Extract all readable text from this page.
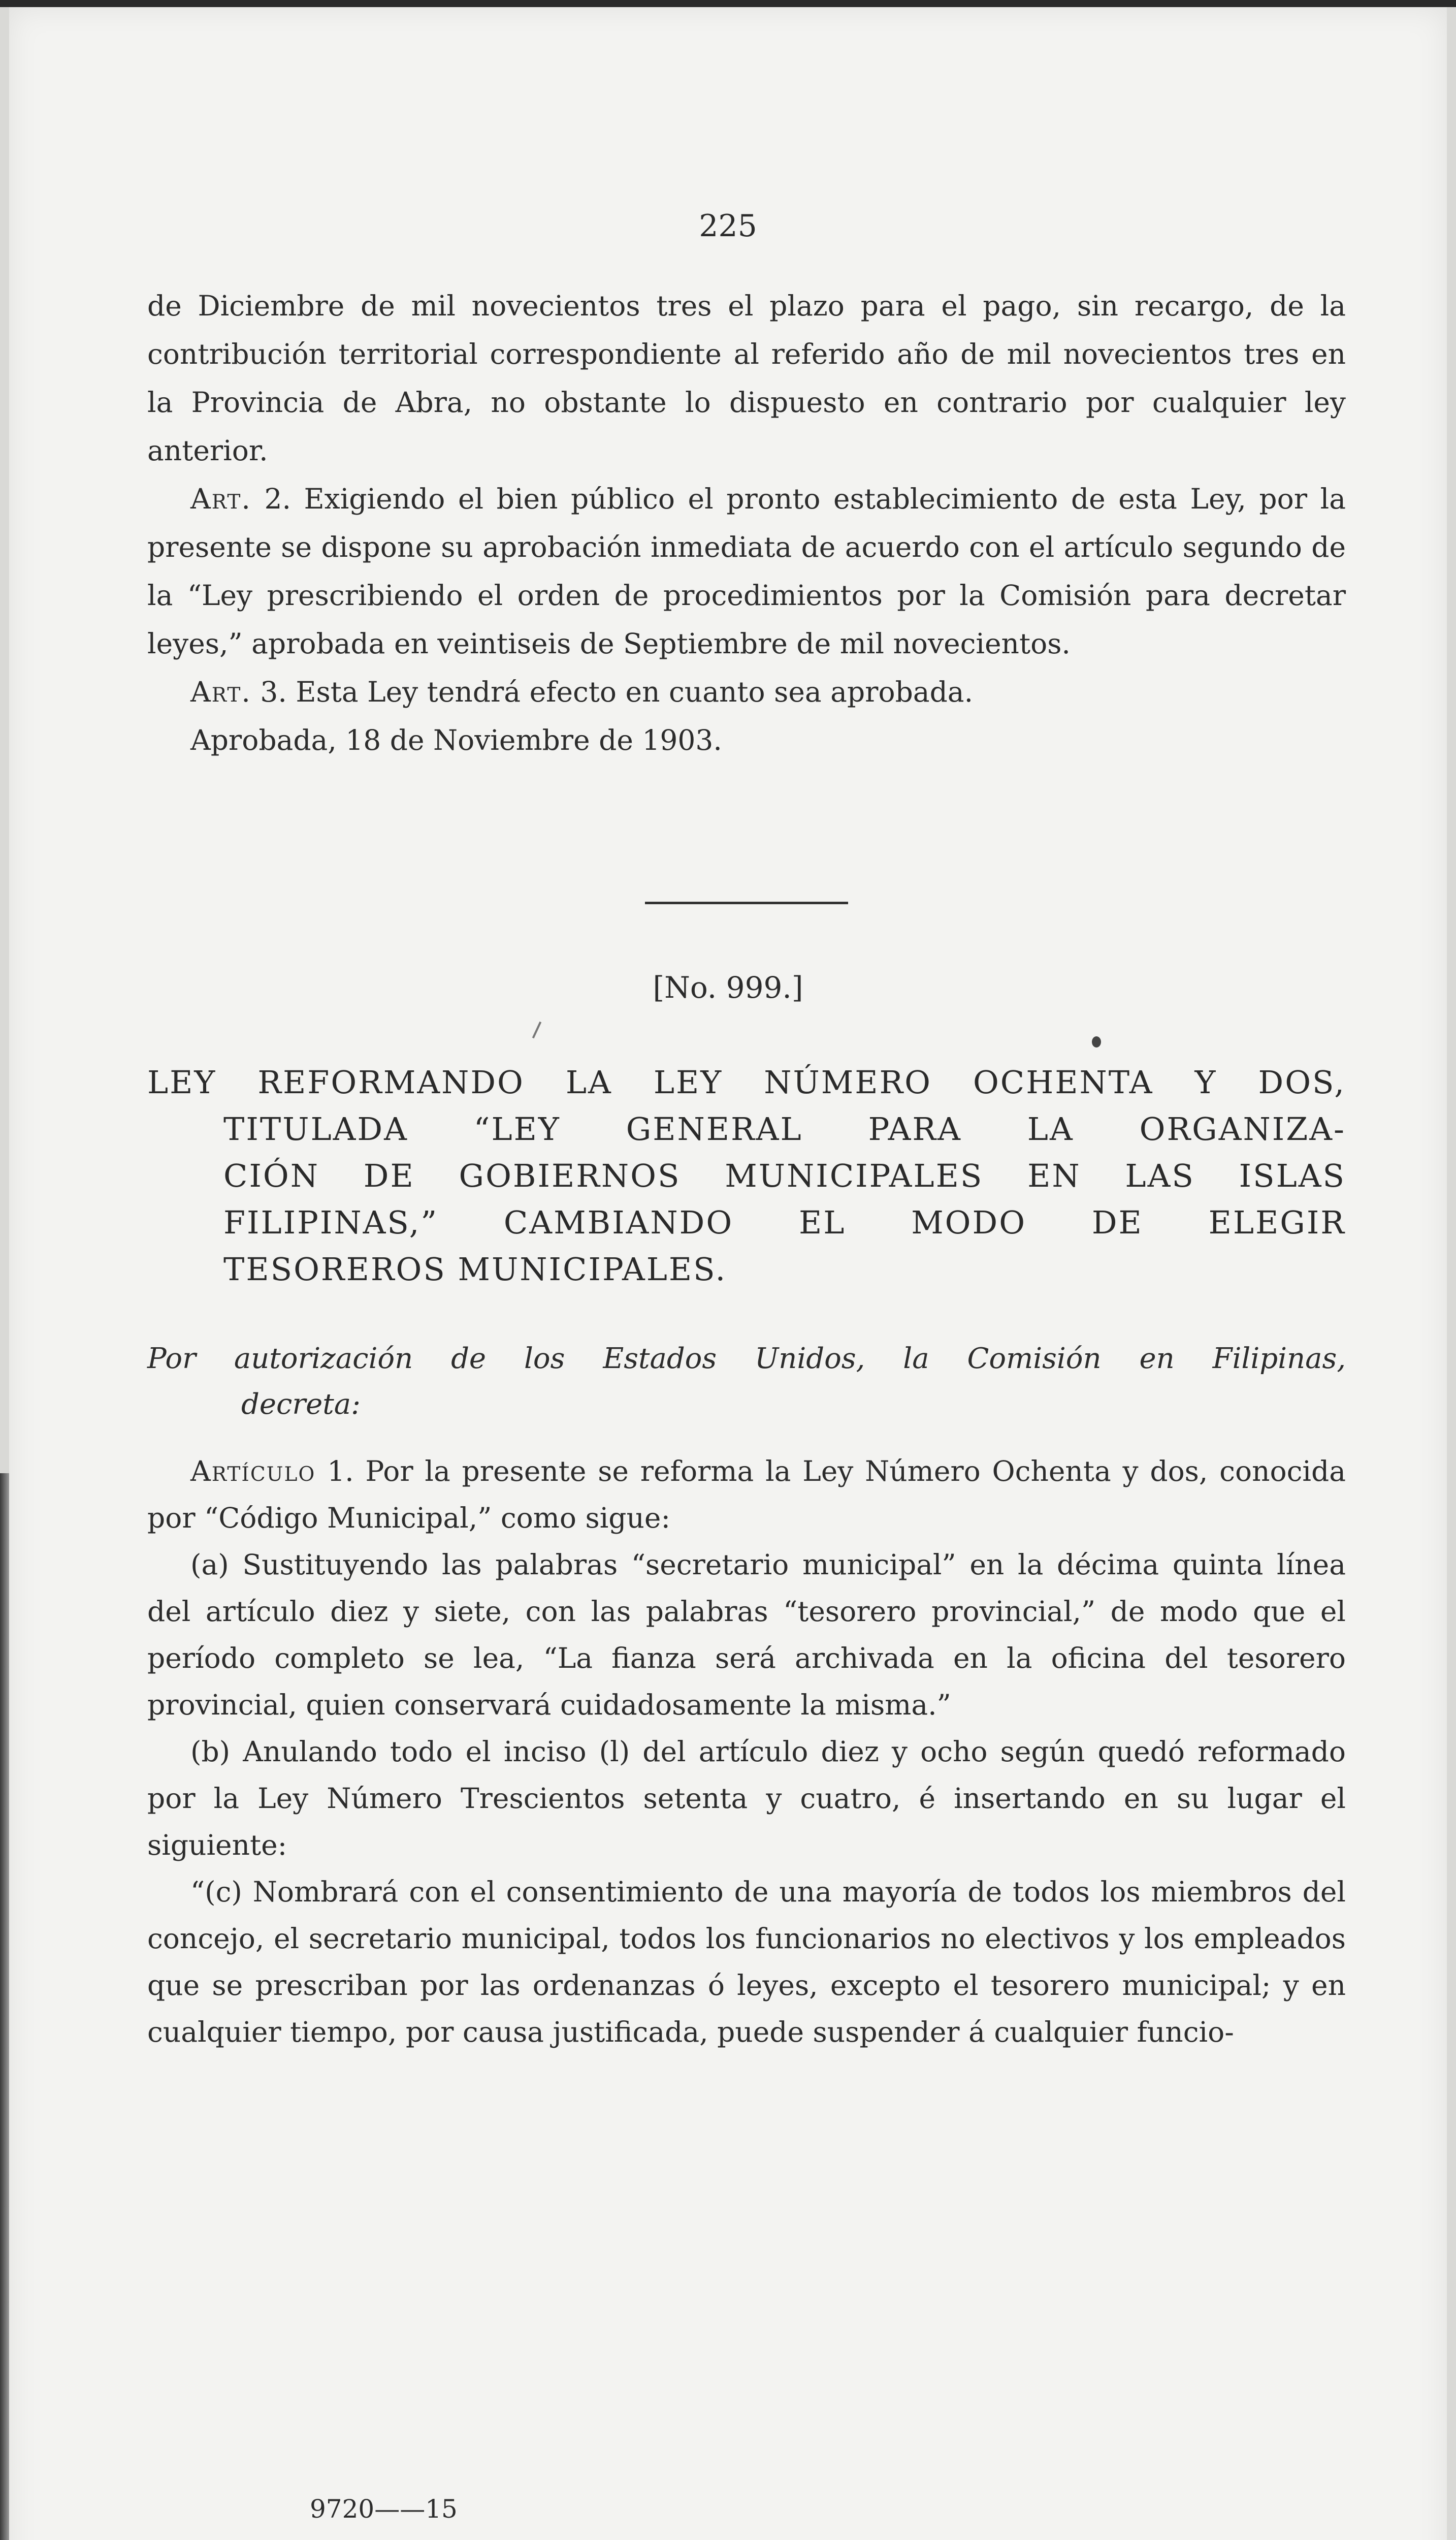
225

de Diciembre de mil novecientos tres el plazo para el pago, sin recargo, de la contribución territorial correspondiente al referido año de mil novecientos tres en la Provincia de Abra, no obstante lo dispuesto en contrario por cualquier ley anterior.

Art. 2. Exigiendo el bien público el pronto establecimiento de esta Ley, por la presente se dispone su aprobación inmediata de acuerdo con el artículo segundo de la “Ley prescribiendo el orden de procedimientos por la Comisión para decretar leyes,” aprobada en veintiseis de Septiembre de mil novecientos.

Art. 3. Esta Ley tendrá efecto en cuanto sea aprobada.

Aprobada, 18 de Noviembre de 1903.

[No. 999.]
LEY REFORMANDO LA LEY NÚMERO OCHENTA Y DOS,
TITULADA “LEY GENERAL PARA LA ORGANIZA-
CIÓN DE GOBIERNOS MUNICIPALES EN LAS ISLAS
FILIPINAS,” CAMBIANDO EL MODO DE ELEGIR
TESOREROS MUNICIPALES.
Por autorización de los Estados Unidos, la Comisión en Filipinas,
decreta:

Artículo 1. Por la presente se reforma la Ley Número Ochenta y dos, conocida por “Código Municipal,” como sigue:

(a) Sustituyendo las palabras “secretario municipal” en la décima quinta línea del artículo diez y siete, con las palabras “tesorero provincial,” de modo que el período completo se lea, “La fianza será archivada en la oficina del tesorero provincial, quien conservará cuidadosamente la misma.”

(b) Anulando todo el inciso (l) del artículo diez y ocho según quedó reformado por la Ley Número Trescientos setenta y cuatro, é insertando en su lugar el siguiente:

“(c) Nombrará con el consentimiento de una mayoría de todos los miembros del concejo, el secretario municipal, todos los funcionarios no electivos y los empleados que se prescriban por las ordenanzas ó leyes, excepto el tesorero municipal; y en cualquier tiempo, por causa justificada, puede suspender á cualquier funcio-

9720——15
